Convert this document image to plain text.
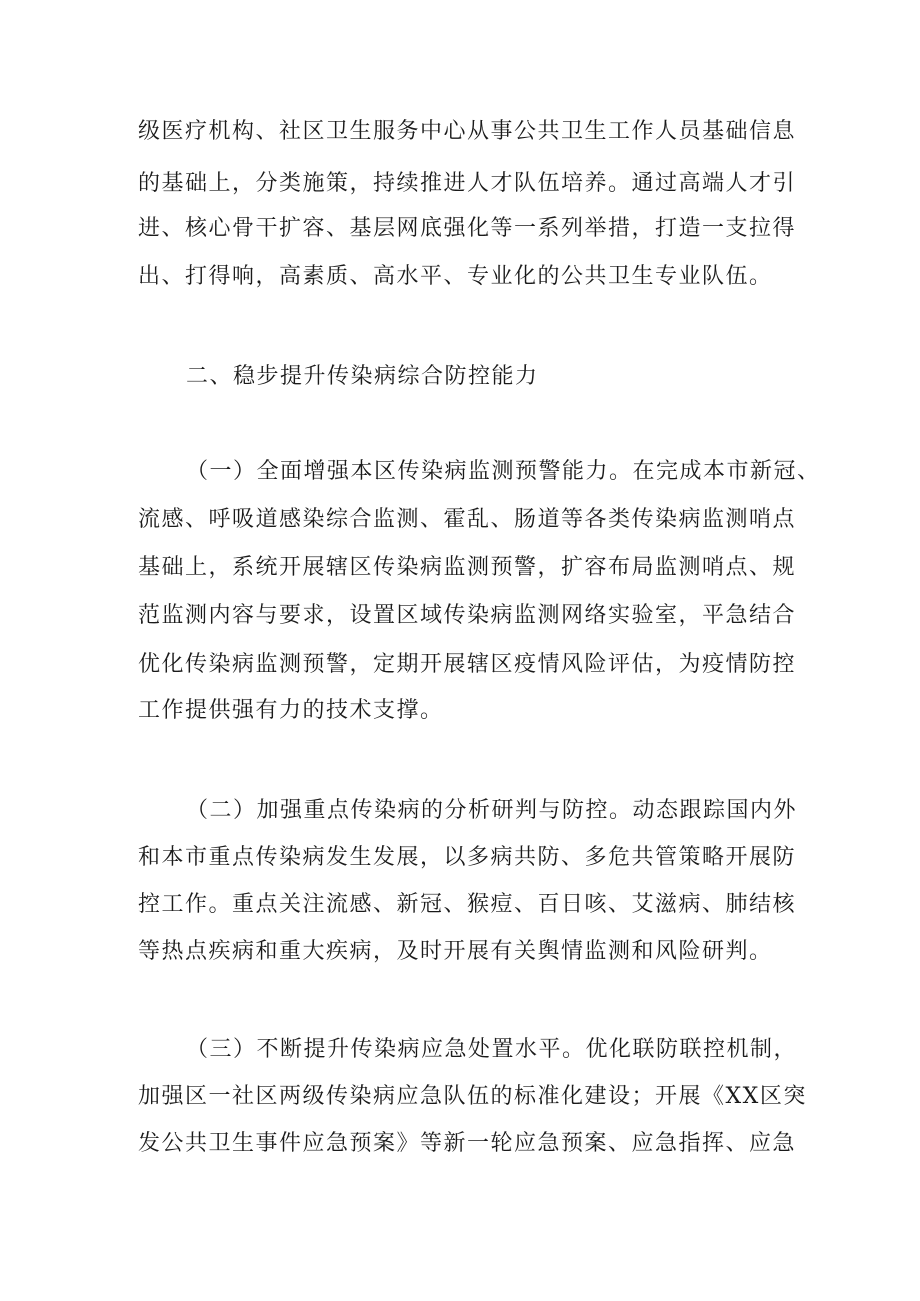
级医疗机构、社区卫生服务中心从事公共卫生工作人员基础信息
的基础上，分类施策，持续推进人才队伍培养。通过高端人才引
进、核心骨干扩容、基层网底强化等一系列举措，打造一支拉得
出、打得响，高素质、高水平、专业化的公共卫生专业队伍。
二、稳步提升传染病综合防控能力
（一）全面增强本区传染病监测预警能力。在完成本市新冠、
流感、呼吸道感染综合监测、霍乱、肠道等各类传染病监测哨点
基础上，系统开展辖区传染病监测预警，扩容布局监测哨点、规
范监测内容与要求，设置区域传染病监测网络实验室，平急结合
优化传染病监测预警，定期开展辖区疫情风险评估，为疫情防控
工作提供强有力的技术支撑。
（二）加强重点传染病的分析研判与防控。动态跟踪国内外
和本市重点传染病发生发展，以多病共防、多危共管策略开展防
控工作。重点关注流感、新冠、猴痘、百日咳、艾滋病、肺结核
等热点疾病和重大疾病，及时开展有关舆情监测和风险研判。
（三）不断提升传染病应急处置水平。优化联防联控机制，
加强区一社区两级传染病应急队伍的标准化建设；开展《XX区突
发公共卫生事件应急预案》等新一轮应急预案、应急指挥、应急
